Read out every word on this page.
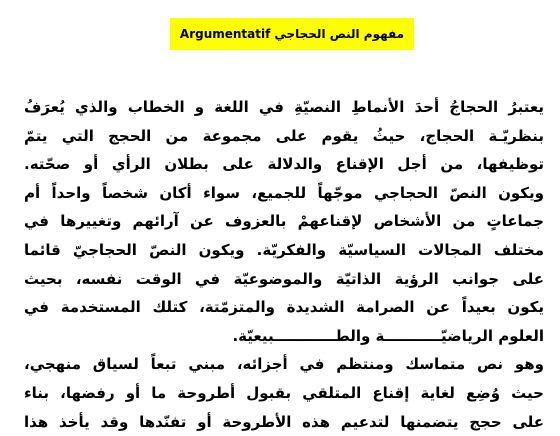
مفهوم النص الحجاجي
Argumentatif
يعتبرُ الحجاجُ أحدَ الأنماطِ النصيّةِ في اللغة و الخطاب والذي يُعرَفُ
بنظريّـة الحجاج، حيثُ يقوم على مجموعة من الحجج التي يتمّ
توظيفها، من أجل الإقناع والدلالة على بطلان الرأي أو صحّته.
ويكون النصّ الحجاجي موجّهاً للجميع، سواء أكان شخصاً واحداً أم
جماعاتٍ من الأشخاص لإقناعهمْ بالعزوف عن آرائهم وتغييرها في
مختلف المجالات السياسيّة والفكريّة. ويكون النصّ الحجاجيّ قائما
على جوانب الرؤية الذاتيّة والموضوعيّة في الوقت نفسه، بحيث
يكون بعيداً عن الصرامة الشديدة والمتزمّتة، كتلك المستخدمة في
العلوم الرياضيّـــــــــــة والطــــــــــــبيعيّة.
وهو نص متماسك ومنتظم في أجزائه، مبني تبعاً لسياق منهجي،
حيث وُضِع لغاية إقناع المتلقي بقبول أطروحة ما أو رفضها، بناء
على حجج يتضمنها لتدعيم هذه الأطروحة أو تفنّدها وقد يأخذ هذا
